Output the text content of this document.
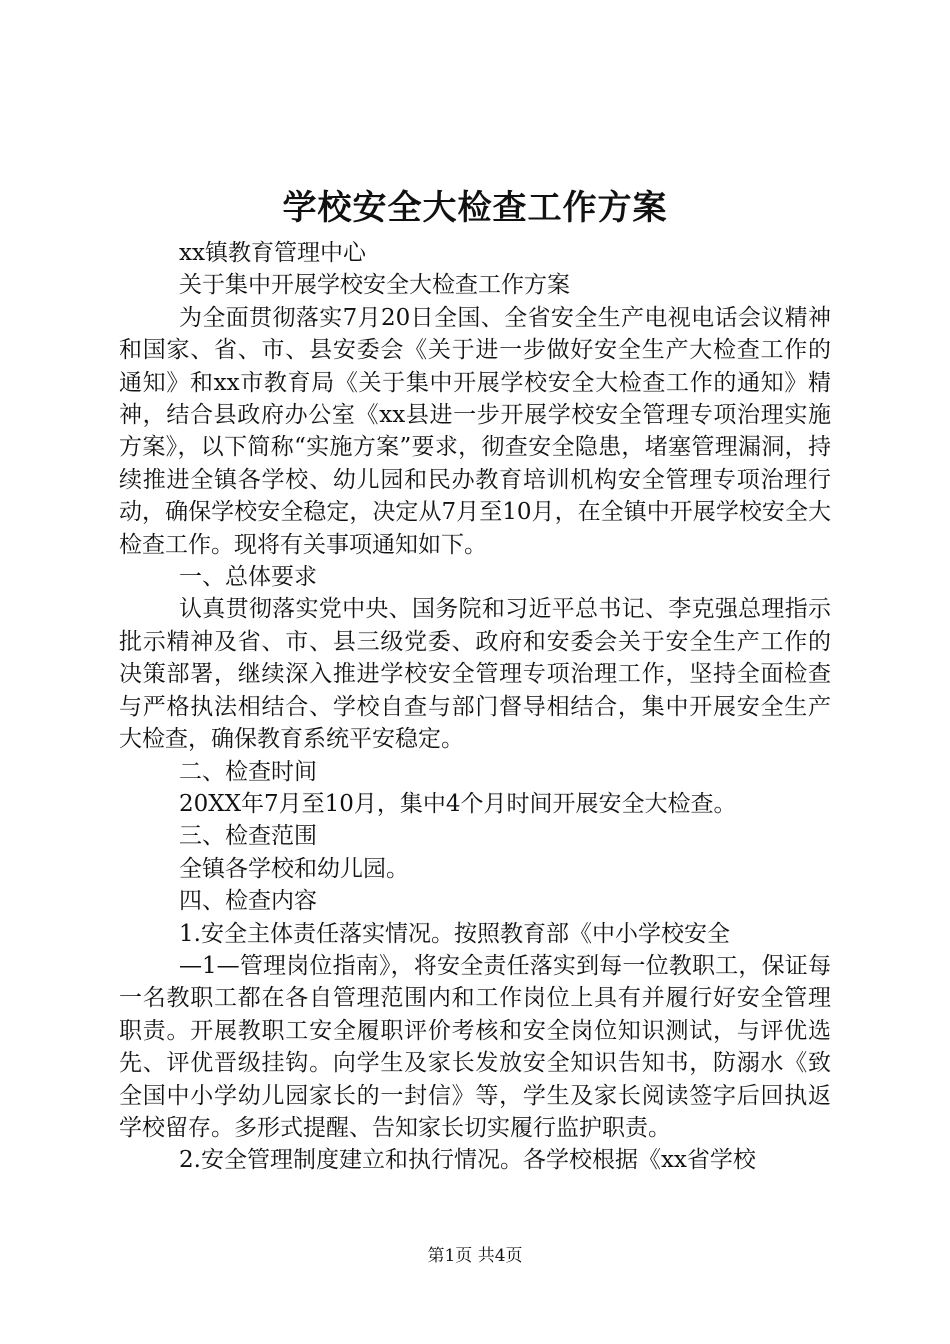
学校安全大检查工作方案

xx镇教育管理中心

关于集中开展学校安全大检查工作方案

为全面贯彻落实7月20日全国、全省安全生产电视电话会议精神和国家、省、市、县安委会《关于进一步做好安全生产大检查工作的通知》和xx市教育局《关于集中开展学校安全大检查工作的通知》精神，结合县政府办公室《xx县进一步开展学校安全管理专项治理实施方案》，以下简称“实施方案”要求，彻查安全隐患，堵塞管理漏洞，持续推进全镇各学校、幼儿园和民办教育培训机构安全管理专项治理行动，确保学校安全稳定，决定从7月至10月，在全镇中开展学校安全大检查工作。现将有关事项通知如下。

一、总体要求

认真贯彻落实党中央、国务院和习近平总书记、李克强总理指示批示精神及省、市、县三级党委、政府和安委会关于安全生产工作的决策部署，继续深入推进学校安全管理专项治理工作，坚持全面检查与严格执法相结合、学校自查与部门督导相结合，集中开展安全生产大检查，确保教育系统平安稳定。

二、检查时间

20XX年7月至10月，集中4个月时间开展安全大检查。

三、检查范围

全镇各学校和幼儿园。

四、检查内容

1.安全主体责任落实情况。按照教育部《中小学校安全

—1—管理岗位指南》，将安全责任落实到每一位教职工，保证每一名教职工都在各自管理范围内和工作岗位上具有并履行好安全管理职责。开展教职工安全履职评价考核和安全岗位知识测试，与评优选先、评优晋级挂钩。向学生及家长发放安全知识告知书，防溺水《致全国中小学幼儿园家长的一封信》等，学生及家长阅读签字后回执返学校留存。多形式提醒、告知家长切实履行监护职责。

2.安全管理制度建立和执行情况。各学校根据《xx省学校

第1页 共4页
